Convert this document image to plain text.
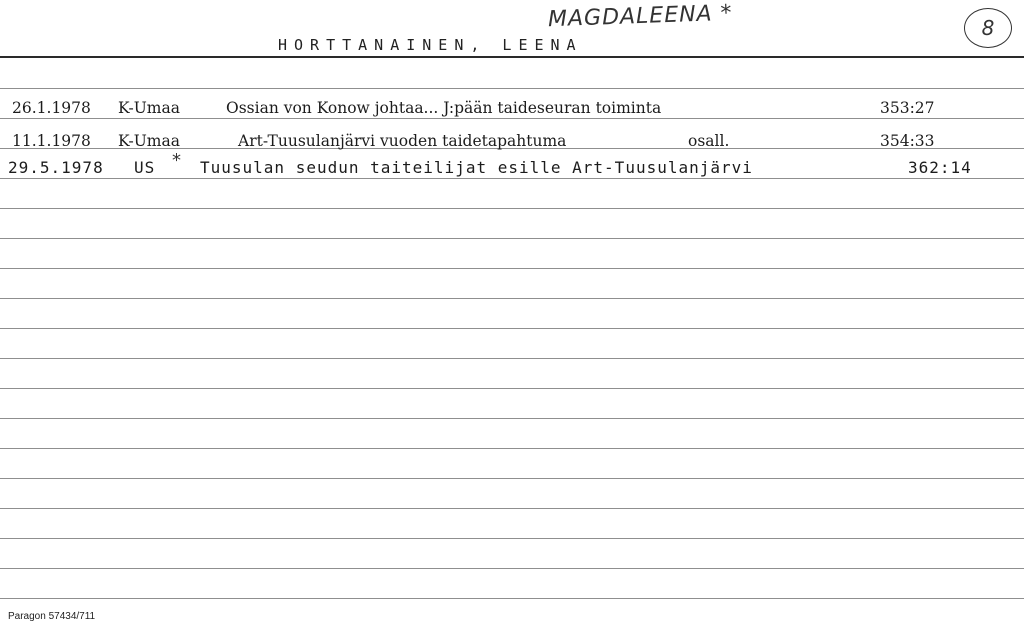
HORTTANAINEN, LEENA
MAGDALEENA *	8
26.1.1978 K-Umaa	Ossian von Konow johtaa... J:pään taideseuran toiminta	353:27
11.1.1978 K-Umaa	Art-Tuusulanjärvi vuoden taidetapahtuma	osall.	354:33
29.5.1978 US * Tuusulan seudun taiteilijat esille Art-Tuusulanjärvi	362:14
Paragon 57434/711
